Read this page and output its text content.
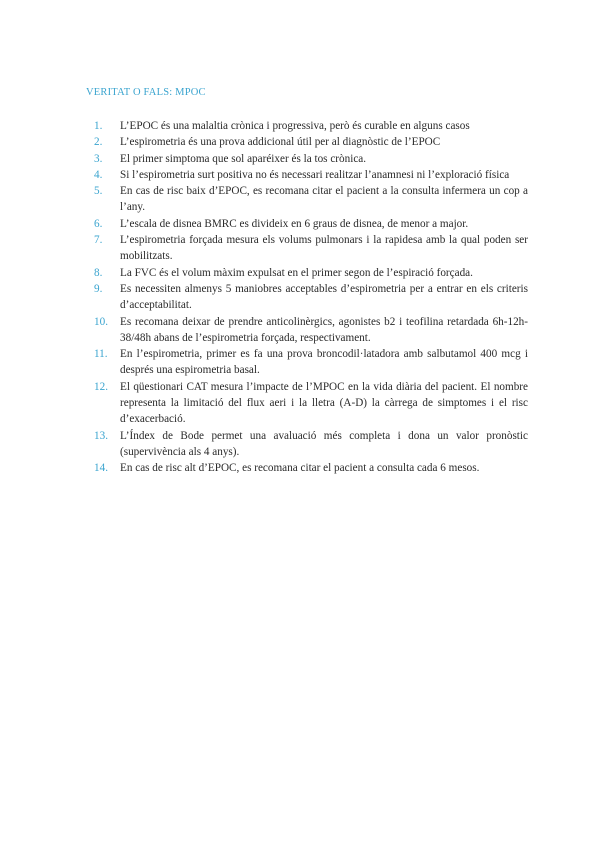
VERITAT O FALS: MPOC
1.	L’EPOC és una malaltia crònica i progressiva, però és curable en alguns casos
2.	L’espirometria és una prova addicional útil per al diagnòstic de l’EPOC
3.	El primer simptoma que sol aparéixer és la tos crònica.
4.	Si l’espirometria surt positiva no és necessari realitzar l’anamnesi ni l’exploració física
5.	En cas de risc baix d’EPOC, es recomana citar el pacient a la consulta infermera un cop a l’any.
6.	L’escala de disnea BMRC es divideix en 6 graus de disnea, de menor a major.
7.	L’espirometria forçada mesura els volums pulmonars i la rapidesa amb la qual poden ser mobilitzats.
8.	La FVC és el volum màxim expulsat en el primer segon de l’espiració forçada.
9.	Es necessiten almenys 5 maniobres acceptables d’espirometria per a entrar en els criteris d’acceptabilitat.
10.	Es recomana deixar de prendre anticolinèrgics, agonistes b2 i teofilina retardada 6h-12h-38/48h abans de l’espirometria forçada, respectivament.
11.	En l’espirometria, primer es fa una prova broncodil·latadora amb salbutamol 400 mcg i després una espirometria basal.
12.	El qüestionari CAT mesura l’impacte de l’MPOC en la vida diària del pacient. El nombre representa la limitació del flux aeri i la lletra (A-D) la càrrega de simptomes i el risc d’exacerbació.
13.	L’Índex de Bode permet una avaluació més completa i dona un valor pronòstic (supervivència als 4 anys).
14.	En cas de risc alt d’EPOC, es recomana citar el pacient a consulta cada 6 mesos.
